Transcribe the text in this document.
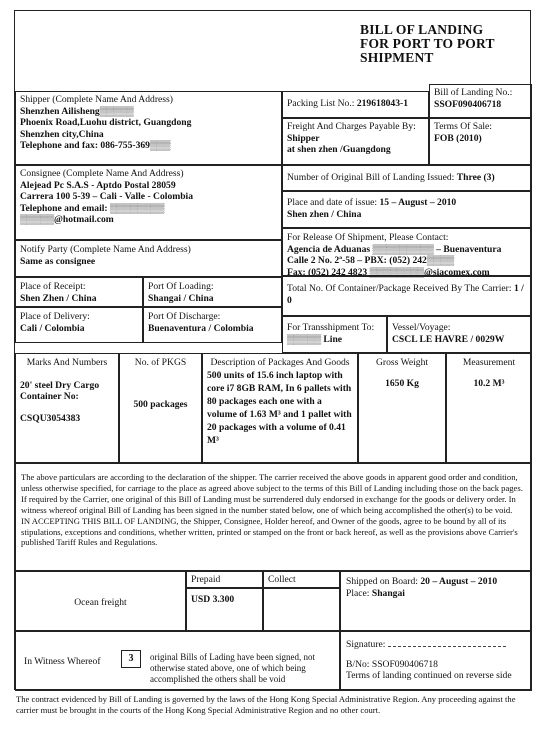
BILL OF LANDING
FOR PORT TO PORT
SHIPMENT
Bill of Landing No.:
SSOF090406718
Shipper (Complete Name And Address)
Shenzhen Ailisheng▒▒▒▒▒
Phoenix Road,Luohu district, Guangdong
Shenzhen city,China
Telephone and fax: 086-755-369▒▒▒
Packing List No.: 219618043-1
Freight And Charges Payable By:
Shipper
at shen zhen /Guangdong
Terms Of Sale:
FOB (2010)
Consignee (Complete Name And Address)
Alejead Pc S.A.S - Aptdo Postal 28059
Carrera 100 5-39 – Cali - Valle - Colombia
Telephone and email: ▒▒▒▒▒▒▒▒
▒▒▒▒▒@hotmail.com
Number of Original Bill of Landing Issued: Three (3)
Place and date of issue: 15 – August – 2010
Shen zhen / China
Notify Party (Complete Name And Address)
Same as consignee
For Release Of Shipment, Please Contact:
Agencia de Aduanas ▒▒▒▒▒▒▒▒▒ – Buenaventura
Calle 2 No. 2ª-58 – PBX: (052) 242▒▒▒▒
Fax: (052) 242 4823 ▒▒▒▒▒▒▒▒@siacomex.com
Place of Receipt:
Shen Zhen / China
Port Of Loading:
Shangai / China
Total No. Of Container/Package Received By The Carrier: 1 / 0
Place of Delivery:
Cali / Colombia
Port Of Discharge:
Buenaventura / Colombia	For Transshipment To:
▒▒▒▒▒ Line
Vessel/Voyage:
CSCL LE HAVRE / 0029W
Marks And Numbers
20' steel Dry Cargo
Container No:
CSQU3054383
No. of PKGS
500 packages
Description of Packages And Goods
500 units of 15.6 inch laptop with core i7 8GB RAM, In 6 pallets with 80 packages each one with a volume of 1.63 M³ and 1 pallet with 20 packages with a volume of 0.41 M³
Gross Weight
1650 Kg
Measurement
10.2 M³
The above particulars are according to the declaration of the shipper. The carrier received the above goods in apparent good order and condition, unless otherwise specified, for carriage to the place as agreed above subject to the terms of this Bill of Landing including those on the back pages. If required by the Carrier, one original of this Bill of Landing must be surrendered duly endorsed in exchange for the goods or delivery order. In witness whereof original Bill of Landing has been signed in the number stated below, one of which being accomplished the other(s) to be void.
IN ACCEPTING THIS BILL OF LANDING, the Shipper, Consignee, Holder hereof, and Owner of the goods, agree to be bound by all of its stipulations, exceptions and conditions, whether written, printed or stamped on the front or back hereof, as well as the provisions above Carrier's published Tariff Rules and Regulations.
Ocean freight
Prepaid	Collect
USD 3.300
Shipped on Board: 20 – August – 2010
Place: Shangai
In Witness Whereof	3	original Bills of Lading have been signed, not otherwise stated above, one of which being accomplished the others shall be void
Signature:
B/No: SSOF090406718
Terms of landing continued on reverse side
The contract evidenced by Bill of Landing is governed by the laws of the Hong Kong Special Administrative Region. Any proceeding against the carrier must be brought in the courts of the Hong Kong Special Administrative Region and no other court.
